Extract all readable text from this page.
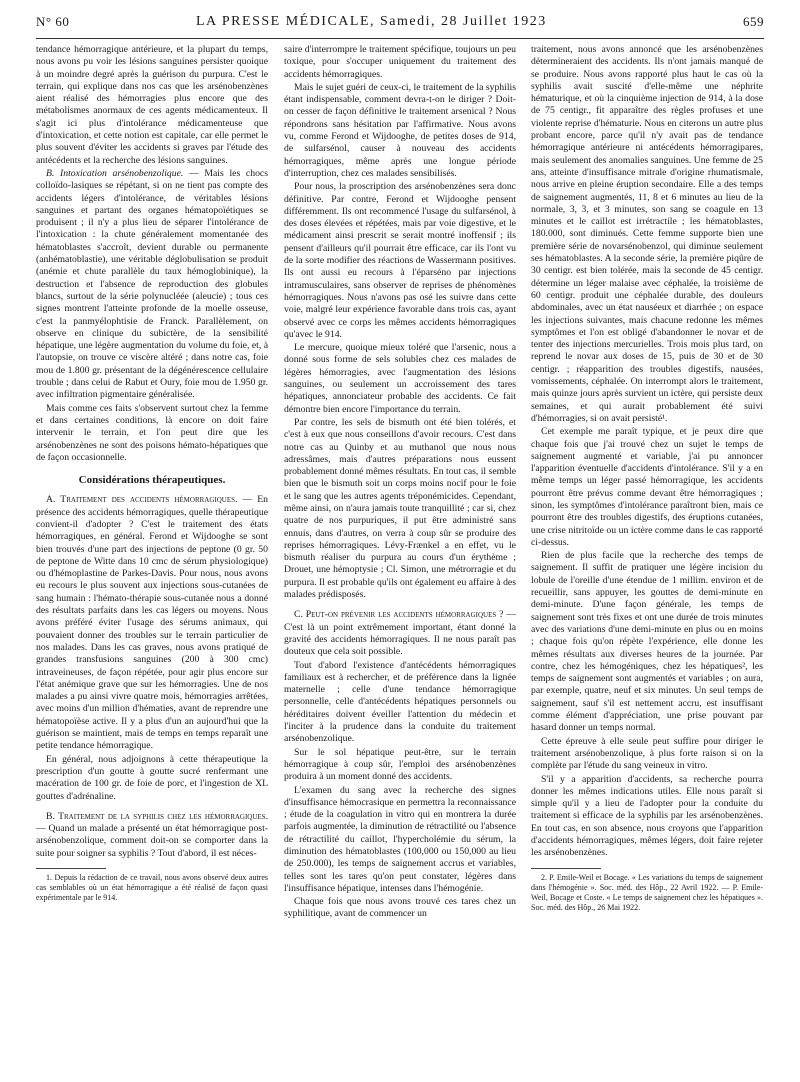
N° 60	LA PRESSE MÉDICALE, Samedi, 28 Juillet 1923	659

tendance hémorragique antérieure, et la plupart du temps, nous avons pu voir les lésions sanguines persister quoique à un moindre degré après la guérison du purpura. C'est le terrain, qui explique dans nos cas que les arsénobenzènes aient réalisé des hémorragies plus encore que des métabolismes anormaux de ces agents médicamenteux. Il s'agit ici plus d'intolérance médicamenteuse que d'intoxication, et cette notion est capitale, car elle permet le plus souvent d'éviter les accidents si graves par l'étude des antécédents et la recherche des lésions sanguines.

B. Intoxication arsénobenzolique. — Mais les chocs colloïdo-lasiques se répétant, si on ne tient pas compte des accidents légers d'intolérance, de véritables lésions sanguines et partant des organes hématopoïétiques se produisent ; il n'y a plus lieu de séparer l'intolérance de l'intoxication : la chute généralement momentanée des hématoblastes s'accroît, devient durable ou permanente (anhématoblastie), une véritable déglobulisation se produit (anémie et chute parallèle du taux hémoglobinique), la destruction et l'absence de reproduction des globules blancs, surtout de la série polynucléée (aleucie) ; tous ces signes montrent l'atteinte profonde de la moelle osseuse, c'est la panmyélophtisie de Franck. Parallèlement, on observe en clinique du subictère, de la sensibilité hépatique, une légère augmentation du volume du foie, et, à l'autopsie, on trouve ce viscère altéré ; dans notre cas, foie mou de 1.800 gr. présentant de la dégénérescence cellulaire trouble ; dans celui de Rabut et Oury, foie mou de 1.950 gr. avec infiltration pigmentaire généralisée.

Mais comme ces faits s'observent surtout chez la femme et dans certaines conditions, là encore on doit faire intervenir le terrain, et l'on peut dire que les arsénobenzènes ne sont des poisons hémato-hépatiques que de façon occasionnelle.

Considérations thérapeutiques.

A. Traitement des accidents hémorragiques. — En présence des accidents hémorragiques, quelle thérapeutique convient-il d'adopter ? C'est le traitement des états hémorragiques, en général. Ferond et Wijdooghe se sont bien trouvés d'une part des injections de peptone (0 gr. 50 de peptone de Witte dans 10 cmc de sérum physiologique) ou d'hémoplastine de Parkes-Davis. Pour nous, nous avons eu recours le plus souvent aux injections sous-cutanées de sang humain : l'hémato-thérapie sous-cutanée nous a donné des résultats parfaits dans les cas légers ou moyens. Nous avons préféré éviter l'usage des sérums animaux, qui pouvaient donner des troubles sur le terrain particulier de nos malades. Dans les cas graves, nous avons pratiqué de grandes transfusions sanguines (200 à 300 cmc) intraveineuses, de façon répétée, pour agir plus encore sur l'état anémique grave que sur les hémorragies. Une de nos malades a pu ainsi vivre quatre mois, hémorragies arrêtées, avec moins d'un million d'hématies, avant de reprendre une hématopoïèse active. Il y a plus d'un an aujourd'hui que la guérison se maintient, mais de temps en temps reparaît une petite tendance hémorragique.

En général, nous adjoignons à cette thérapeutique la prescription d'un goutte à goutte sucré renfermant une macération de 100 gr. de foie de porc, et l'ingestion de XL gouttes d'adrénaline.

B. Traitement de la syphilis chez les hémorragiques. — Quand un malade a présenté un état hémorragique post-arsénobenzolique, comment doit-on se comporter dans la suite pour soigner sa syphilis ? Tout d'abord, il est néces-

1. Depuis la rédaction de ce travail, nous avons observé deux autres cas semblables où un état hémorragique a été réalisé de façon quasi expérimentale par le 914.

saire d'interrompre le traitement spécifique, toujours un peu toxique, pour s'occuper uniquement du traitement des accidents hémorragiques.

Mais le sujet guéri de ceux-ci, le traitement de la syphilis étant indispensable, comment devra-t-on le diriger ? Doit-on cesser de façon définitive le traitement arsenical ? Nous répondrons sans hésitation par l'affirmative. Nous avons vu, comme Ferond et Wijdooghe, de petites doses de 914, de sulfarsénol, causer à nouveau des accidents hémorragiques, même après une longue période d'interruption, chez ces malades sensibilisés.

Pour nous, la proscription des arsénobenzènes sera donc définitive. Par contre, Ferond et Wijdooghe pensent différemment. Ils ont recommencé l'usage du sulfarsénol, à des doses élevées et répétées, mais par voie digestive, et le médicament ainsi prescrit se serait montré inoffensif ; ils pensent d'ailleurs qu'il pourrait être efficace, car ils l'ont vu de la sorte modifier des réactions de Wassermann positives. Ils ont aussi eu recours à l'éparséno par injections intramusculaires, sans observer de reprises de phénomènes hémorragiques. Nous n'avons pas osé les suivre dans cette voie, malgré leur expérience favorable dans trois cas, ayant observé avec ce corps les mêmes accidents hémorragiques qu'avec le 914.

Le mercure, quoique mieux toléré que l'arsenic, nous a donné sous forme de sels solubles chez ces malades de légères hémorragies, avec l'augmentation des lésions sanguines, ou seulement un accroissement des tares hépatiques, annonciateur probable des accidents. Ce fait démontre bien encore l'importance du terrain.

Par contre, les sels de bismuth ont été bien tolérés, et c'est à eux que nous conseillons d'avoir recours. C'est dans notre cas au Quinby et au muthanol que nous nous adressâmes, mais d'autres préparations nous eussent probablement donné mêmes résultats. En tout cas, il semble bien que le bismuth soit un corps moins nocif pour le foie et le sang que les autres agents tréponémicides. Cependant, même ainsi, on n'aura jamais toute tranquillité ; car si, chez quatre de nos purpuriques, il put être administré sans ennuis, dans d'autres, on verra à coup sûr se produire des reprises hémorragiques. Lévy-Frænkel a en effet, vu le bismuth réaliser du purpura au cours d'un érythème ; Drouet, une hémoptysie ; Cl. Simon, une métrorragie et du purpura. Il est probable qu'ils ont également eu affaire à des malades prédisposés.

C. Peut-on prévenir les accidents hémorragiques ? — C'est là un point extrêmement important, étant donné la gravité des accidents hémorragiques. Il ne nous paraît pas douteux que cela soit possible.

Tout d'abord l'existence d'antécédents hémorragiques familiaux est à rechercher, et de préférence dans la lignée maternelle ; celle d'une tendance hémorragique personnelle, celle d'antécédents hépatiques personnels ou héréditaires doivent éveiller l'attention du médecin et l'inciter à la prudence dans la conduite du traitement arsénobenzolique.

Sur le sol hépatique peut-être, sur le terrain hémorragique à coup sûr, l'emploi des arsénobenzènes produira à un moment donné des accidents.

L'examen du sang avec la recherche des signes d'insuffisance hémocrasique en permettra la reconnaissance ; étude de la coagulation in vitro qui en montrera la durée parfois augmentée, la diminution de rétractilité ou l'absence de rétractilité du caillot, l'hypercholémie du sérum, la diminution des hématoblastes (100,000 ou 150,000 au lieu de 250.000), les temps de saignement accrus et variables, telles sont les tares qu'on peut constater, légères dans l'insuffisance hépatique, intenses dans l'hémogénie.

Chaque fois que nous avons trouvé ces tares chez un syphilitique, avant de commencer un

traitement, nous avons annoncé que les arsénobenzènes détermineraient des accidents. Ils n'ont jamais manqué de se produire. Nous avons rapporté plus haut le cas où la syphilis avait suscité d'elle-même une néphrite hématurique, et où la cinquième injection de 914, à la dose de 75 centigr., fit apparaître des règles profuses et une violente reprise d'hématurie. Nous en citerons un autre plus probant encore, parce qu'il n'y avait pas de tendance hémorragique antérieure ni antécédents hémorragipares, mais seulement des anomalies sanguines. Une femme de 25 ans, atteinte d'insuffisance mitrale d'origine rhumatismale, nous arrive en pleine éruption secondaire. Elle a des temps de saignement augmentés, 11, 8 et 6 minutes au lieu de la normale, 3, 3, et 3 minutes, son sang se coagule en 13 minutes et le caillot est irrétractile ; les hématoblastes, 180.000, sont diminués. Cette femme supporte bien une première série de novarsénobenzol, qui diminue seulement ses hématoblastes. A la seconde série, la première piqûre de 30 centigr. est bien tolérée, mais la seconde de 45 centigr. détermine un léger malaise avec céphalée, la troisième de 60 centigr. produit une céphalée durable, des douleurs abdominales, avec un état nauséeux et diarrhée ; on espace les injections suivantes, mais chacune redonne les mêmes symptômes et l'on est obligé d'abandonner le novar et de tenter des injections mercurielles. Trois mois plus tard, on reprend le novar aux doses de 15, puis de 30 et de 30 centigr. ; réapparition des troubles digestifs, nausées, vomissements, céphalée. On interrompt alors le traitement, mais quinze jours après survient un ictère, qui persiste deux semaines, et qui aurait probablement été suivi d'hémorragies, si on avait persisté¹.

Cet exemple me paraît typique, et je peux dire que chaque fois que j'ai trouvé chez un sujet le temps de saignement augmenté et variable, j'ai pu annoncer l'apparition éventuelle d'accidents d'intolérance. S'il y a en même temps un léger passé hémorragique, les accidents pourront être prévus comme devant être hémorragiques ; sinon, les symptômes d'intolérance paraîtront bien, mais ce pourront être des troubles digestifs, des éruptions cutanées, une crise nitritoïde ou un ictère comme dans le cas rapporté ci-dessus.

Rien de plus facile que la recherche des temps de saignement. Il suffit de pratiquer une légère incision du lobule de l'oreille d'une étendue de 1 millim. environ et de recueillir, sans appuyer, les gouttes de demi-minute en demi-minute. D'une façon générale, les temps de saignement sont très fixes et ont une durée de trois minutes avec des variations d'une demi-minute en plus ou en moins ; chaque fois qu'on répète l'expérience, elle donne les mêmes résultats aux diverses heures de la journée. Par contre, chez les hémogéniques, chez les hépatiques², les temps de saignement sont augmentés et variables ; on aura, par exemple, quatre, neuf et six minutes. Un seul temps de saignement, sauf s'il est nettement accru, est insuffisant comme élément d'appréciation, une prise pouvant par hasard donner un temps normal.

Cette épreuve à elle seule peut suffire pour diriger le traitement arsénobenzolique, à plus forte raison si on la complète par l'étude du sang veineux in vitro.

S'il y a apparition d'accidents, sa recherche pourra donner les mêmes indications utiles. Elle nous paraît si simple qu'il y a lieu de l'adopter pour la conduite du traitement si efficace de la syphilis par les arsénobenzènes. En tout cas, en son absence, nous croyons que l'apparition d'accidents hémorragiques, mêmes légers, doit faire rejeter les arsénobenzènes.

2. P. Emile-Weil et Bocage. « Les variations du temps de saignement dans l'hémogénie ». Soc. méd. des Hôp., 22 Avril 1922. — P. Emile-Weil, Bocage et Coste. « Le temps de saignement chez les hépatiques ». Soc. méd. des Hôp., 26 Mai 1922.
